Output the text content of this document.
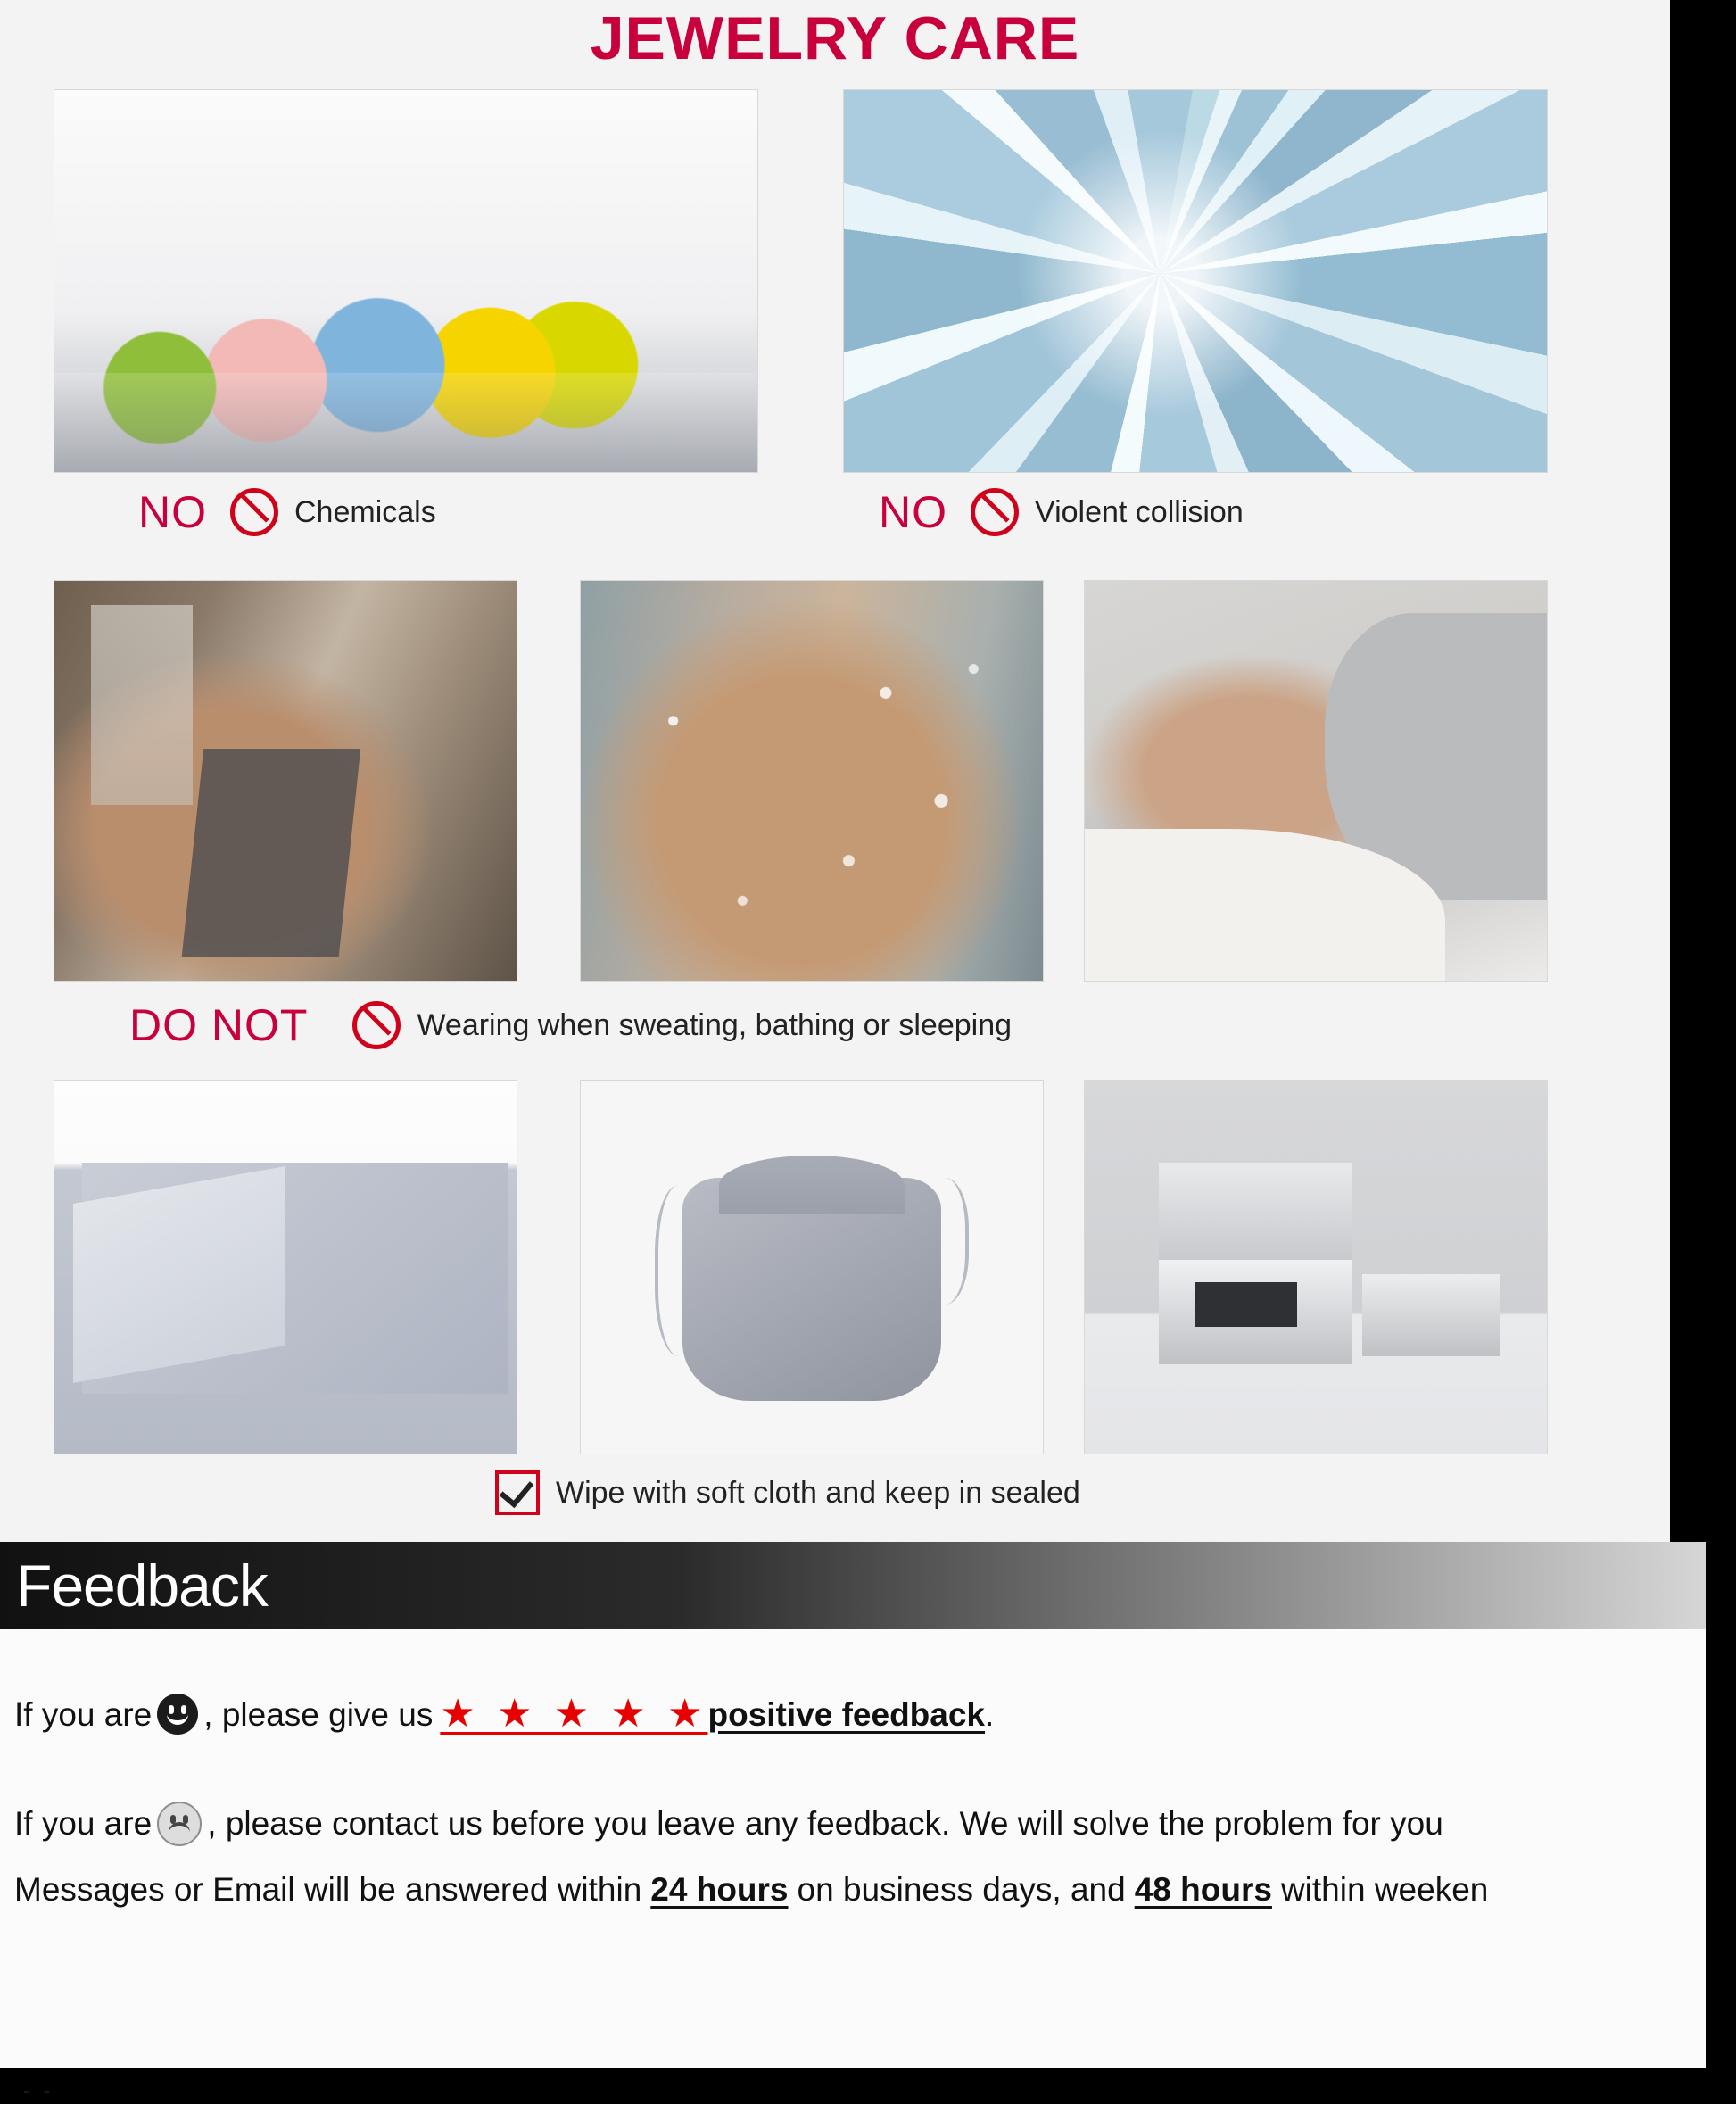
JEWELRY CARE
NO	Chemicals	NO	Violent collision
DO NOT	Wearing when sweating, bathing or sleeping
Wipe with soft cloth and keep in sealed
Feedback
If you are , please give us ★ ★ ★ ★ ★ positive feedback .
If you are , please contact us before you leave any feedback. We will solve the problem for you
Messages or Email will be answered within 24 hours on business days, and 48 hours within weeken
- -
